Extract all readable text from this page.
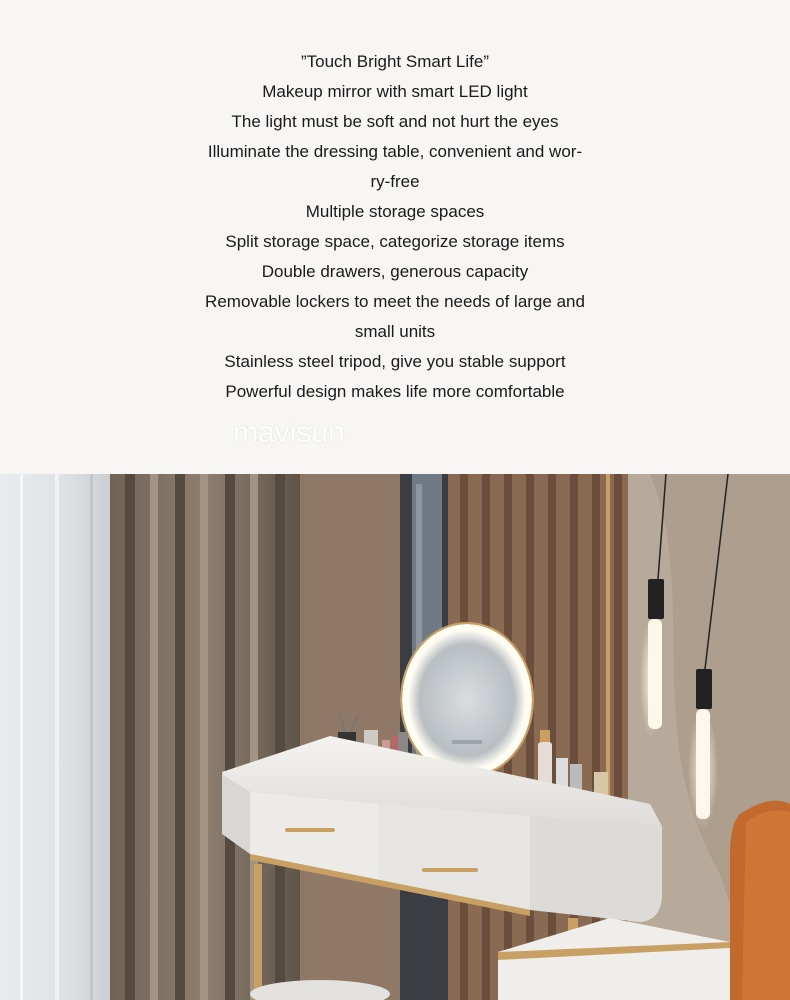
”Touch Bright Smart Life”
Makeup mirror with smart LED light
The light must be soft and not hurt the eyes
Illuminate the dressing table, convenient and wor-
ry-free
Multiple storage spaces
Split storage space, categorize storage items
Double drawers, generous capacity
Removable lockers to meet the needs of large and
small units
Stainless steel tripod, give you stable support
Powerful design makes life more comfortable
mavisun
